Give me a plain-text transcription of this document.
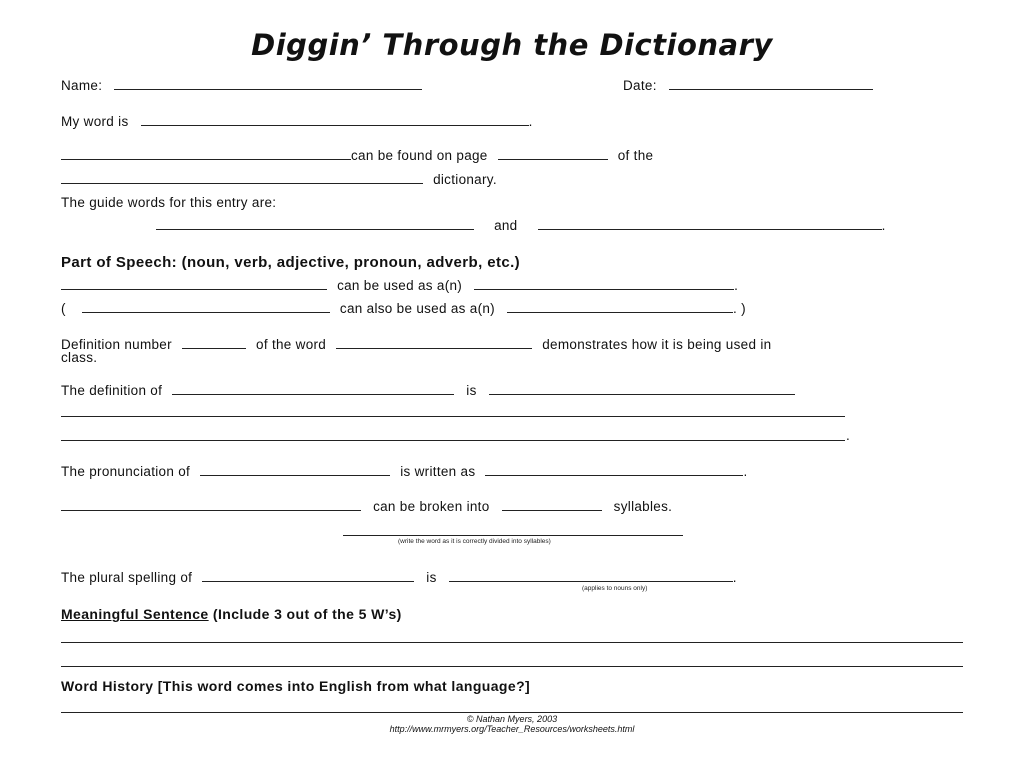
Diggin’ Through the Dictionary
Name:	Date:
My word is	.
can be found on page	of the
dictionary.
The guide words for this entry are:
and	.
Part of Speech: (noun, verb, adjective, pronoun, adverb, etc.)
can be used as a(n)	.
(	can also be used as a(n)	. )
Definition number	of the word	demonstrates how it is being used in
class.
The definition of	is
.
The pronunciation of	is written as	.
can be broken into	syllables.
(write the word as it is correctly divided into syllables)
The plural spelling of	is	.
(applies to nouns only)
Meaningful Sentence (Include 3 out of the 5 W’s)
Word History [This word comes into English from what language?]
© Nathan Myers, 2003
http://www.mrmyers.org/Teacher_Resources/worksheets.html
